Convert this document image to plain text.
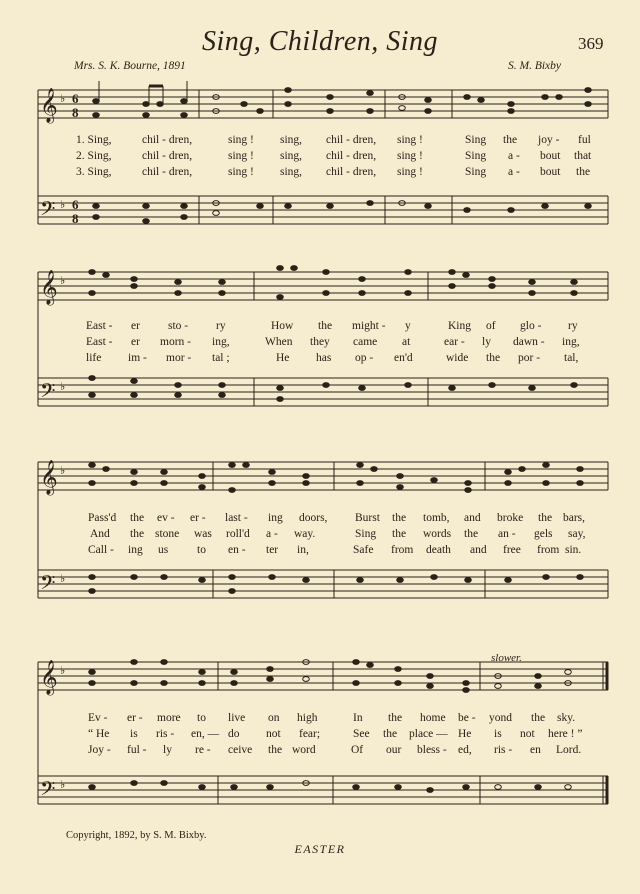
Sing, Children, Sing	369
Mrs. S. K. Bourne, 1891	S. M. Bixby
𝄞
𝄢
♭
♭
6
8
6
8
1. Sing,	chil - dren,	sing ! sing, chil - dren, sing !	Sing the joy - ful
2. Sing,	chil - dren,	sing ! sing, chil - dren, sing !	Sing a - bout that
3. Sing,	chil - dren,	sing ! sing, chil - dren, sing !	Sing a - bout the
𝄞
𝄢
♭
♭
East - er sto - ry	How the might - y	King of glo - ry
East - er morn - ing,	When they came at	ear - ly dawn - ing,
life im - mor - tal ;	He has op - en'd	wide the por - tal,
𝄞
𝄢
♭
♭
Pass'd the ev - er - last - ing doors, Burst the tomb, and broke the bars,
And the stone was roll'd a - way.	Sing the words the an - gels say,
Call - ing us	to en - ter in,	Safe from death and free from sin.
slower.
𝄞
𝄢
♭
♭
Ev - er - more to live on high	In the home be - yond the sky.
“ He is ris - en, — do not fear;	See the place — He is not here ! ”
Joy - ful - ly re - ceive the word	Of our bless - ed, ris - en Lord.
Copyright, 1892, by S. M. Bixby.
EASTER
